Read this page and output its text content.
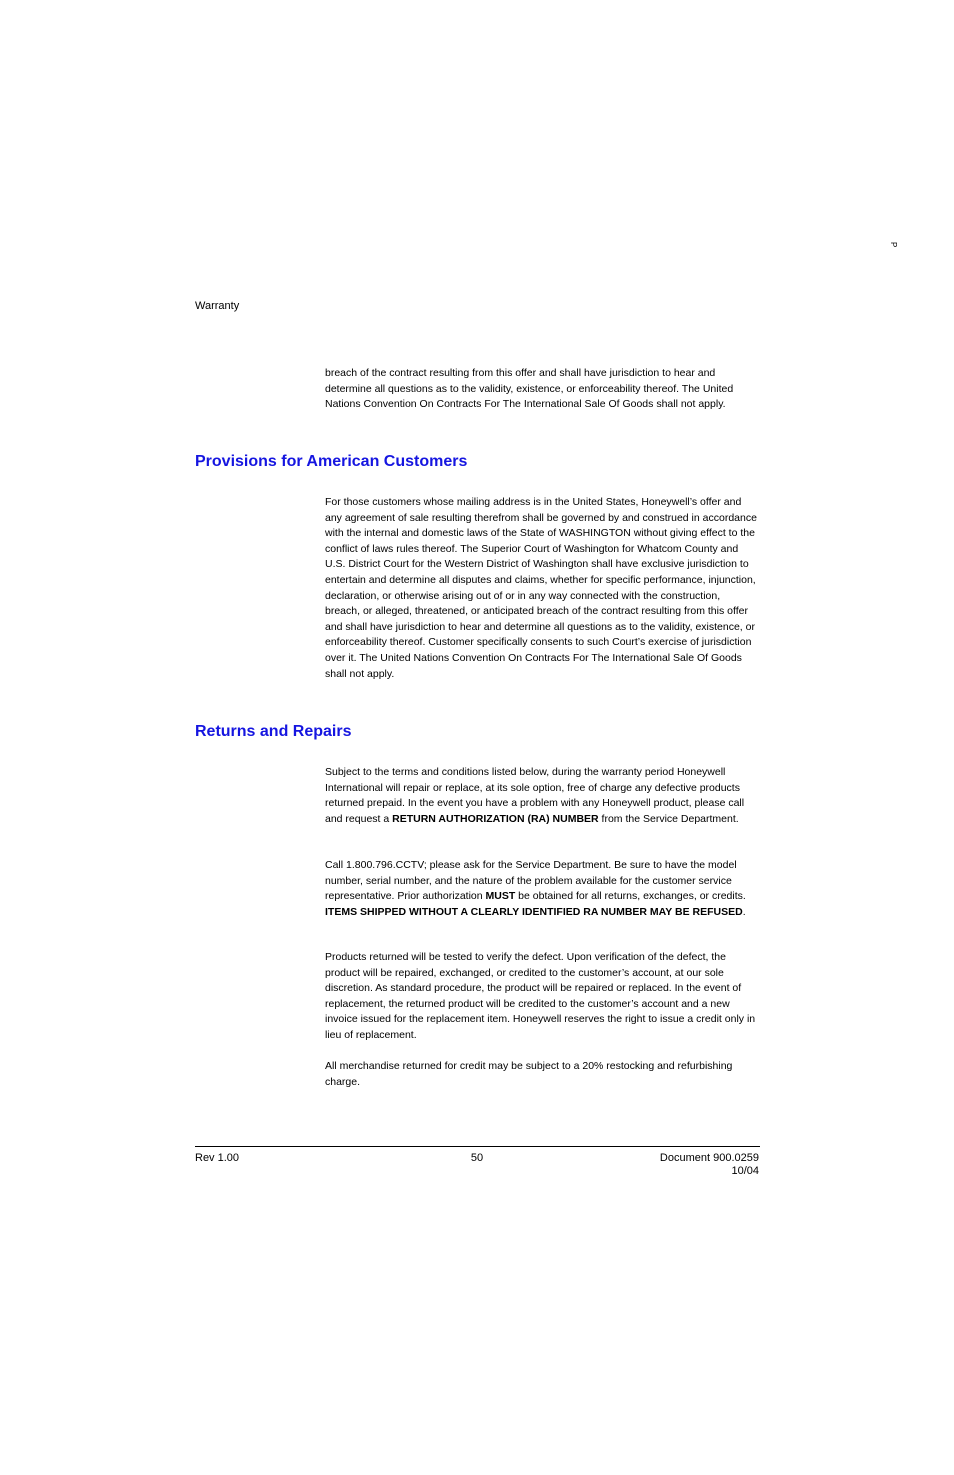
P
Warranty

breach of the contract resulting from this offer and shall have jurisdiction to hear and determine all questions as to the validity, existence, or enforceability thereof. The United Nations Convention On Contracts For The International Sale Of Goods shall not apply.

Provisions for American Customers

For those customers whose mailing address is in the United States, Honeywell’s offer and any agreement of sale resulting therefrom shall be governed by and construed in accordance with the internal and domestic laws of the State of WASHINGTON without giving effect to the conflict of laws rules thereof. The Superior Court of Washington for Whatcom County and U.S. District Court for the Western District of Washington shall have exclusive jurisdiction to entertain and determine all disputes and claims, whether for specific performance, injunction, declaration, or otherwise arising out of or in any way connected with the construction, breach, or alleged, threatened, or anticipated breach of the contract resulting from this offer and shall have jurisdiction to hear and determine all questions as to the validity, existence, or enforceability thereof. Customer specifically consents to such Court’s exercise of jurisdiction over it. The United Nations Convention On Contracts For The International Sale Of Goods shall not apply.

Returns and Repairs

Subject to the terms and conditions listed below, during the warranty period Honeywell International will repair or replace, at its sole option, free of charge any defective products returned prepaid. In the event you have a problem with any Honeywell product, please call and request a RETURN AUTHORIZATION (RA) NUMBER from the Service Department.

Call 1.800.796.CCTV; please ask for the Service Department. Be sure to have the model number, serial number, and the nature of the problem available for the customer service representative. Prior authorization MUST be obtained for all returns, exchanges, or credits. ITEMS SHIPPED WITHOUT A CLEARLY IDENTIFIED RA NUMBER MAY BE REFUSED.

Products returned will be tested to verify the defect. Upon verification of the defect, the product will be repaired, exchanged, or credited to the customer’s account, at our sole discretion. As standard procedure, the product will be repaired or replaced. In the event of replacement, the returned product will be credited to the customer’s account and a new invoice issued for the replacement item. Honeywell reserves the right to issue a credit only in lieu of replacement.

All merchandise returned for credit may be subject to a 20% restocking and refurbishing charge.

Rev 1.00	50	Document 900.0259
10/04
